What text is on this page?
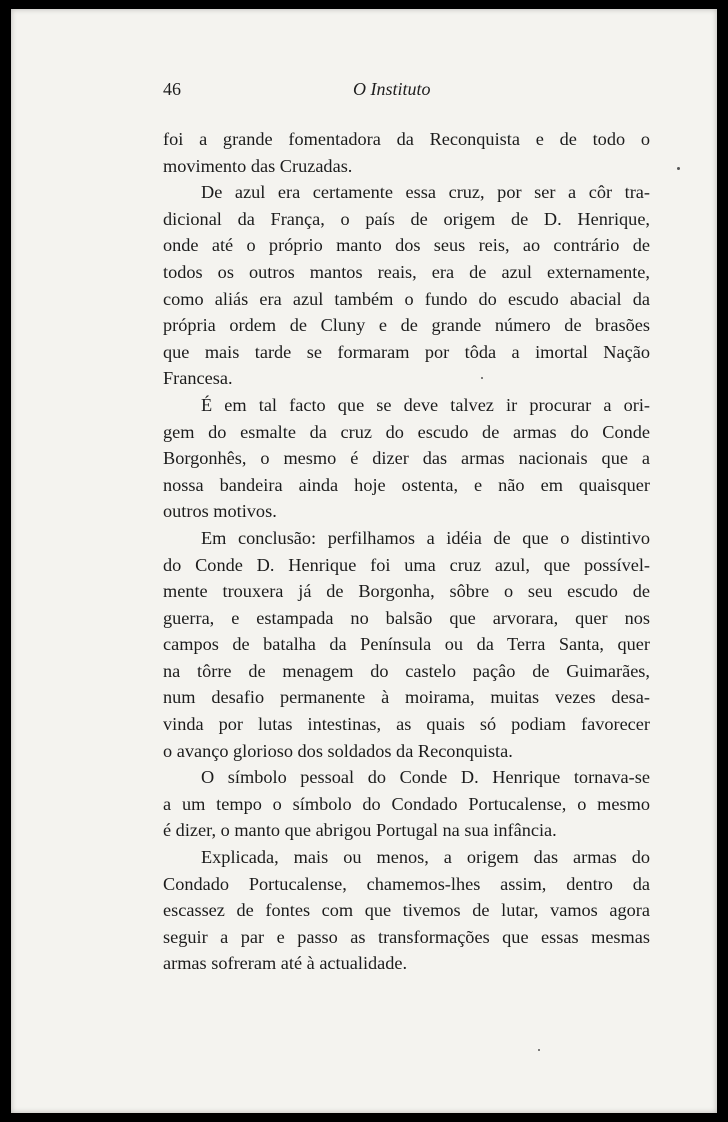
46	O Instituto

foi a grande fomentadora da Reconquista e de todo o
movimento das Cruzadas.

De azul era certamente essa cruz, por ser a côr tra-
dicional da França, o país de origem de D. Henrique,
onde até o próprio manto dos seus reis, ao contrário de
todos os outros mantos reais, era de azul externamente,
como aliás era azul também o fundo do escudo abacial da
própria ordem de Cluny e de grande número de brasões
que mais tarde se formaram por tôda a imortal Nação
Francesa.

É em tal facto que se deve talvez ir procurar a ori-
gem do esmalte da cruz do escudo de armas do Conde
Borgonhês, o mesmo é dizer das armas nacionais que a
nossa bandeira ainda hoje ostenta, e não em quaisquer
outros motivos.

Em conclusão: perfilhamos a idéia de que o distintivo
do Conde D. Henrique foi uma cruz azul, que possível-
mente trouxera já de Borgonha, sôbre o seu escudo de
guerra, e estampada no balsão que arvorara, quer nos
campos de batalha da Península ou da Terra Santa, quer
na tôrre de menagem do castelo paçâo de Guimarães,
num desafio permanente à moirama, muitas vezes desa-
vinda por lutas intestinas, as quais só podiam favorecer
o avanço glorioso dos soldados da Reconquista.

O símbolo pessoal do Conde D. Henrique tornava-se
a um tempo o símbolo do Condado Portucalense, o mesmo
é dizer, o manto que abrigou Portugal na sua infância.

Explicada, mais ou menos, a origem das armas do
Condado Portucalense, chamemos-lhes assim, dentro da
escassez de fontes com que tivemos de lutar, vamos agora
seguir a par e passo as transformações que essas mesmas
armas sofreram até à actualidade.
